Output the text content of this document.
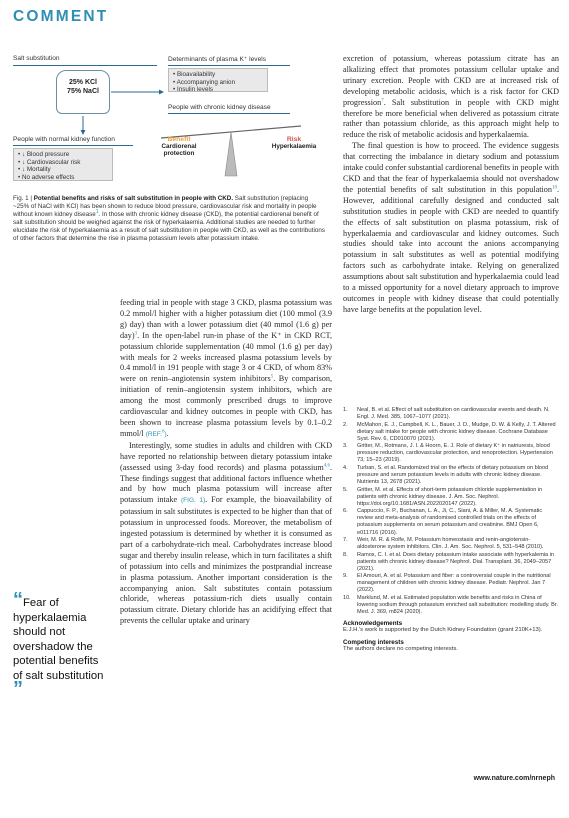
COMMENT
Salt substitution	Determinants of plasma K⁺ levels
25% KCl
75% NaCl
• Bioavailability
• Accompanying anion
• Insulin levels
People with chronic kidney disease
Benefit
Cardiorenal
protection
Risk
Hyperkalaemia
People with normal kidney function
• ↓ Blood pressure
• ↓ Cardiovascular risk
• ↓ Mortality
• No adverse effects
Fig. 1 | Potential benefits and risks of salt substitution in people with CKD. Salt substitution (replacing ~25% of NaCl with KCl) has been shown to reduce blood pressure, cardiovascular risk and mortality in people without known kidney disease$^1$. In those with chronic kidney disease (CKD), the potential cardiorenal benefit of salt substitution should be weighed against the risk of hyperkalaemia. Additional studies are needed to further elucidate the risk of hyperkalaemia as a result of salt substitution in people with CKD, as well as the contributions of other factors that determine the rise in plasma potassium levels after potassium intake.

excretion of potassium, whereas potassium citrate has an alkalizing effect that promotes potassium cellular uptake and urinary excretion. People with CKD are at increased risk of developing metabolic acidosis, which is a risk factor for CKD progression$^7$. Salt substitution in people with CKD might therefore be more beneficial when delivered as potassium citrate rather than potassium chloride, as this approach might help to reduce the risk of metabolic acidosis and hyperkalaemia.

The final question is how to proceed. The evidence suggests that correcting the imbalance in dietary sodium and potassium intake could confer substantial cardiorenal benefits in people with CKD and that the fear of hyperkalaemia should not overshadow the potential benefits of salt substitution in this population$^{10}$. However, additional carefully designed and conducted salt substitution studies in people with CKD are needed to quantify the effects of salt substitution on plasma potassium, risk of hyperkalaemia and cardiovascular and kidney outcomes. Such studies should take into account the anions accompanying potassium in salt substitutes as well as potential modifying factors such as carbohydrate intake. Relying on generalized assumptions about salt substitution and hyperkalaemia could lead to a missed opportunity for a novel dietary approach to improve outcomes in people with kidney disease that could potentially have large benefits at the population level.

feeding trial in people with stage 3 CKD, plasma potassium was 0.2 mmol/l higher with a higher potassium diet (100 mmol (3.9 g) day) than with a lower potassium diet (40 mmol (1.6 g) per day)$^3$. In the open-label run-in phase of the K⁺ in CKD RCT, potassium chloride supplementation (40 mmol (1.6 g) per day) with meals for 2 weeks increased plasma potassium levels by 0.4 mmol/l in 191 people with stage 3 or 4 CKD, of whom 83% were on renin–angiotensin system inhibitors$^5$. By comparison, initiation of renin–angiotensin system inhibitors, which are among the most commonly prescribed drugs to improve cardiovascular and kidney outcomes in people with CKD, has been shown to increase plasma potassium levels by 0.1–0.2 mmol/l (REF.$^6$).

Interestingly, some studies in adults and children with CKD have reported no relationship between dietary potassium intake (assessed using 3-day food records) and plasma potassium$^{4,6}$. These findings suggest that additional factors influence whether and by how much plasma potassium will increase after potassium intake (FIG. 1). For example, the bioavailability of potassium in salt substitutes is expected to be higher than that of potassium in unprocessed foods. Moreover, the metabolism of ingested potassium is determined by whether it is consumed as part of a carbohydrate-rich meal. Carbohydrates increase blood sugar and thereby insulin release, which in turn facilitates a shift of potassium into cells and minimizes the postprandial increase in plasma potassium. Another important consideration is the accompanying anion. Salt substitutes contain potassium chloride, whereas potassium-rich diets usually contain potassium citrate. Dietary chloride has an acidifying effect that prevents the cellular uptake and urinary

“Fear of hyperkalaemia should not overshadow the potential benefits of salt substitution ”
1.	Neal, B. et al. Effect of salt substitution on cardiovascular events and death. N. Engl. J. Med. 385, 1067–1077 (2021).
2.	McMahon, E. J., Campbell, K. L., Bauer, J. D., Mudge, D. W. & Kelly, J. T. Altered dietary salt intake for people with chronic kidney disease. Cochrane Database Syst. Rev. 6, CD010070 (2021).
3.	Gritter, M., Rotmans, J. I. & Hoorn, E. J. Role of dietary K⁺ in natriuresis, blood pressure reduction, cardiovascular protection, and renoprotection. Hypertension 73, 15–23 (2019).
4.	Turban, S. et al. Randomized trial on the effects of dietary potassium on blood pressure and serum potassium levels in adults with chronic kidney disease. Nutrients 13, 2678 (2021).
5.	Gritter, M. et al. Effects of short-term potassium chloride supplementation in patients with chronic kidney disease. J. Am. Soc. Nephrol. https://doi.org/10.1681/ASN.2022020147 (2022).
6.	Cappuccio, F. P., Buchanan, L. A., Ji, C., Siani, A. & Miller, M. A. Systematic review and meta-analysis of randomised controlled trials on the effects of potassium supplements on serum potassium and creatinine. BMJ Open 6, e011716 (2016).
7.	Weir, M. R. & Rolfe, M. Potassium homeostasis and renin-angiotensin-aldosterone system inhibitors. Clin. J. Am. Soc. Nephrol. 5, 531–548 (2010).
8.	Ramos, C. I. et al. Does dietary potassium intake associate with hyperkalemia in patients with chronic kidney disease? Nephrol. Dial. Transplant. 36, 2049–2057 (2021).
9.	El Amouri, A. et al. Potassium and fiber: a controversial couple in the nutritional management of children with chronic kidney disease. Pediatr. Nephrol. Jan 7 (2022).
10.	Marklund, M. et al. Estimated population wide benefits and risks in China of lowering sodium through potassium enriched salt substitution: modelling study. Br. Med. J. 369, m824 (2020).
Acknowledgements
E.J.H.'s work is supported by the Dutch Kidney Foundation (grant 210K+13).
Competing interests
The authors declare no competing interests.
www.nature.com/nrneph
